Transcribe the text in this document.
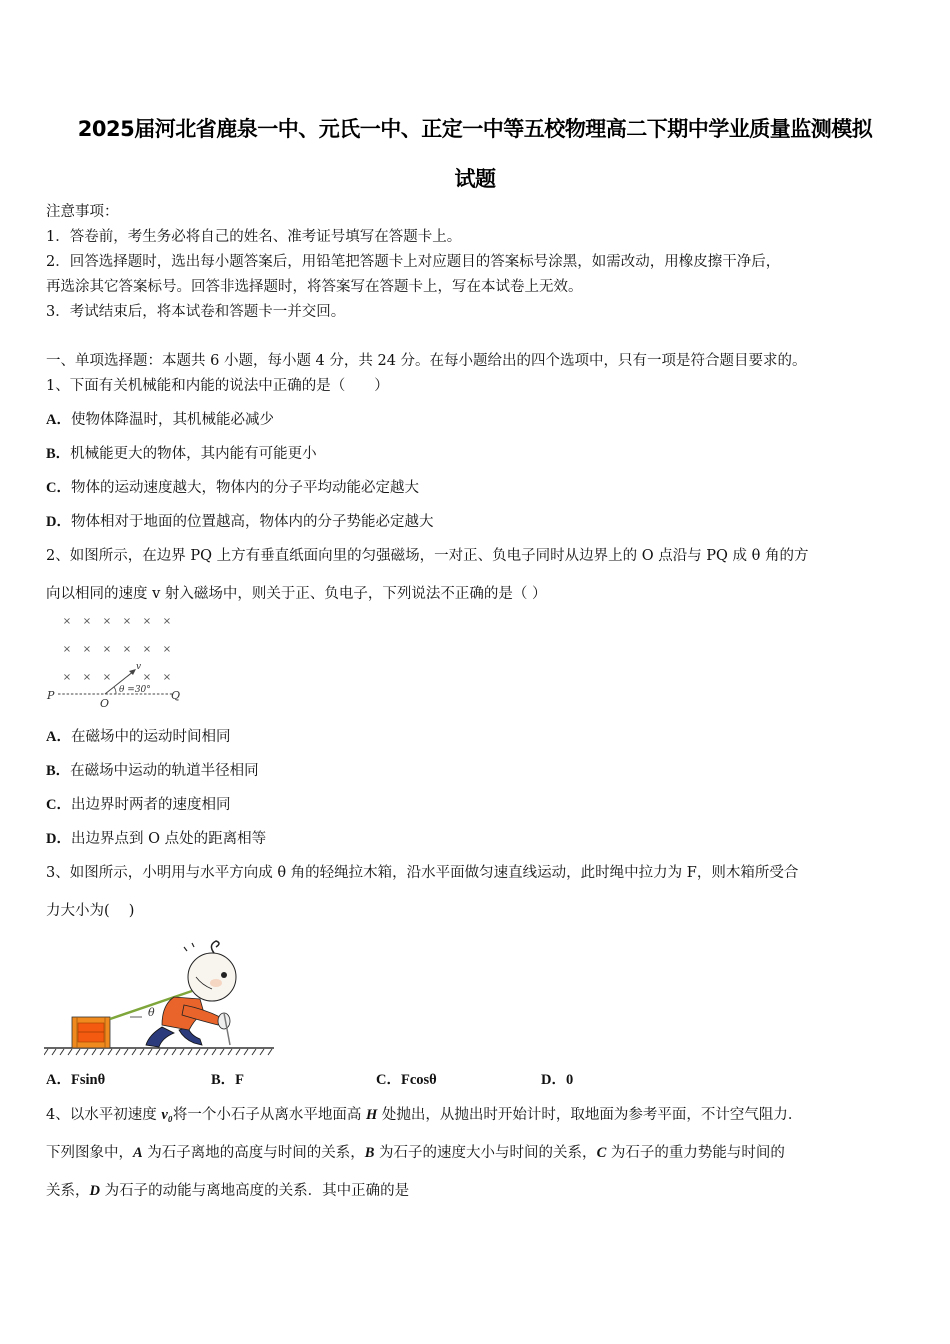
2025届河北省鹿泉一中、元氏一中、正定一中等五校物理高二下期中学业质量监测模拟
试题
注意事项：
1．答卷前，考生务必将自己的姓名、准考证号填写在答题卡上。
2．回答选择题时，选出每小题答案后，用铅笔把答题卡上对应题目的答案标号涂黑，如需改动，用橡皮擦干净后，
再选涂其它答案标号。回答非选择题时，将答案写在答题卡上，写在本试卷上无效。
3．考试结束后，将本试卷和答题卡一并交回。
一、单项选择题：本题共 6 小题，每小题 4 分，共 24 分。在每小题给出的四个选项中，只有一项是符合题目要求的。
1、下面有关机械能和内能的说法中正确的是（　　）
A．使物体降温时，其机械能必减少
B．机械能更大的物体，其内能有可能更小
C．物体的运动速度越大，物体内的分子平均动能必定越大
D．物体相对于地面的位置越高，物体内的分子势能必定越大
2、如图所示，在边界 PQ 上方有垂直纸面向里的匀强磁场，一对正、负电子同时从边界上的 O 点沿与 PQ 成 θ 角的方
向以相同的速度 v 射入磁场中，则关于正、负电子，下列说法不正确的是（ ）
× × × × × ×
× × × × × ×
× × ×	× ×
P	Q
O
v
θ =30°
A．在磁场中的运动时间相同
B．在磁场中运动的轨道半径相同
C．出边界时两者的速度相同
D．出边界点到 O 点处的距离相等
3、如图所示，小明用与水平方向成 θ 角的轻绳拉木箱，沿水平面做匀速直线运动，此时绳中拉力为 F，则木箱所受合
力大小为(　 )
θ
A．Fsinθ	B．F	C．Fcosθ	D．0
4、以水平初速度 v₀将一个小石子从离水平地面高 H 处抛出，从抛出时开始计时，取地面为参考平面，不计空气阻力．
下列图象中，A 为石子离地的高度与时间的关系，B 为石子的速度大小与时间的关系，C 为石子的重力势能与时间的
关系，D 为石子的动能与离地高度的关系．其中正确的是
